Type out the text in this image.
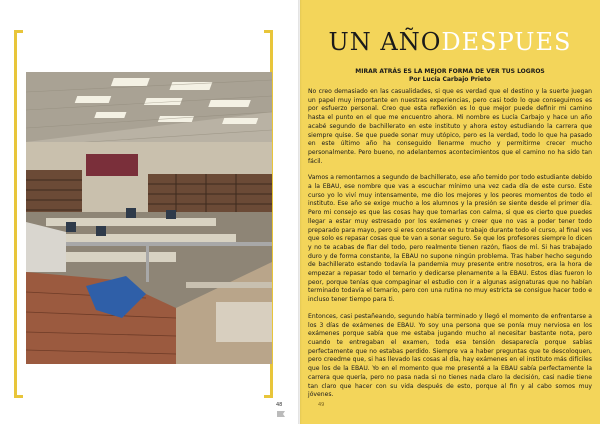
48	49
UN AÑODESPUES
MIRAR ATRÁS ES LA MEJOR FORMA DE VER TUS LOGROS
Por Lucía Carbajo Prieto

No creo demasiado en las casualidades, si que es verdad que el destino y la suerte juegan un papel muy importante en nuestras experiencias, pero casi todo lo que conseguimos es por esfuerzo personal. Creo que esta reflexión es lo que mejor puede definir mi camino hasta el punto en el que me encuentro ahora. Mi nombre es Lucía Carbajo y hace un año acabé segundo de bachillerato en este instituto y ahora estoy estudiando la carrera que siempre quise. Se que puede sonar muy utópico, pero es la verdad, todo lo que ha pasado en este último año ha conseguido llenarme mucho y permitirme crecer mucho personalmente. Pero bueno, no adelantemos acontecimientos que el camino no ha sido tan fácil.

Vamos a remontarnos a segundo de bachillerato, ese año temido por todo estudiante debido a la EBAU, ese nombre que vas a escuchar mínimo una vez cada día de este curso. Este curso yo lo viví muy intensamente, me dio los mejores y los peores momentos de todo el instituto. Ese año se exige mucho a los alumnos y la presión se siente desde el primer día. Pero mi consejo es que las cosas hay que tomarlas con calma, si que es cierto que puedes llegar a estar muy estresado por los exámenes y creer que no vas a poder tener todo preparado para mayo, pero si eres constante en tu trabajo durante todo el curso, al final ves que solo es repasar cosas que te van a sonar seguro. Se que los profesores siempre lo dicen y no te acabas de fiar del todo, pero realmente tienen razón, fíaos de mí. Si has trabajado duro y de forma constante, la EBAU no supone ningún problema. Tras haber hecho segundo de bachillerato estando todavía la pandemia muy presente entre nosotros, era la hora de empezar a repasar todo el temario y dedicarse plenamente a la EBAU. Estos días fueron lo peor, porque tenías que compaginar el estudio con ir a algunas asignaturas que no habían terminado todavía el temario, pero con una rutina no muy estricta se consigue hacer todo e incluso tener tiempo para ti.

Entonces, casi pestañeando, segundo había terminado y llegó el momento de enfrentarse a los 3 días de exámenes de EBAU. Yo soy una persona que se ponía muy nerviosa en los exámenes porque sabía que me estaba jugando mucho al necesitar bastante nota, pero cuando te entregaban el examen, toda esa tensión desaparecía porque sabías perfectamente que no estabas perdido. Siempre va a haber preguntas que te descoloquen, pero creedme que, si has llevado las cosas al día, hay exámenes en el instituto más difíciles que los de la EBAU. Yo en el momento que me presenté a la EBAU sabía perfectamente la carrera que quería, pero no pasa nada si no tienes nada claro la decisión, casi nadie tiene tan claro que hacer con su vida después de esto, porque al fin y al cabo somos muy jóvenes.
